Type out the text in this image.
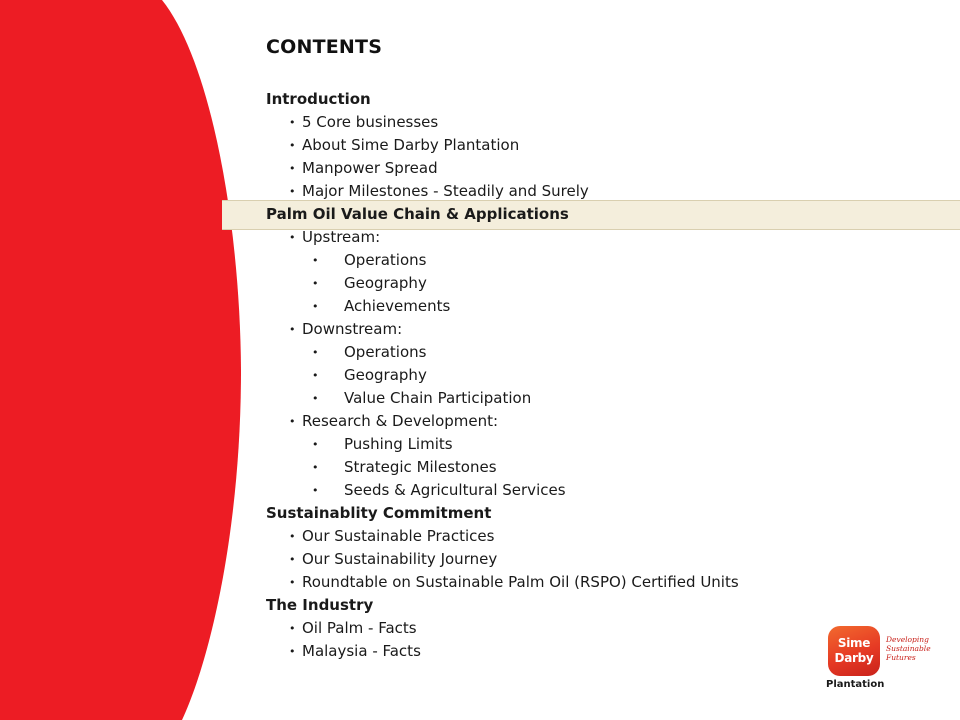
CONTENTS
Introduction
• 5 Core businesses
• About Sime Darby Plantation
• Manpower Spread
• Major Milestones - Steadily and Surely
Palm Oil Value Chain & Applications
• Upstream:
• Operations
• Geography
• Achievements
• Downstream:
• Operations
• Geography
• Value Chain Participation
• Research & Development:
• Pushing Limits
• Strategic Milestones
• Seeds & Agricultural Services
Sustainablity Commitment
• Our Sustainable Practices
• Our Sustainability Journey
• Roundtable on Sustainable Palm Oil (RSPO) Certified Units
The Industry
• Oil Palm - Facts
• Malaysia - Facts	Sime
Darby
Developing
Sustainable
Futures
Plantation
